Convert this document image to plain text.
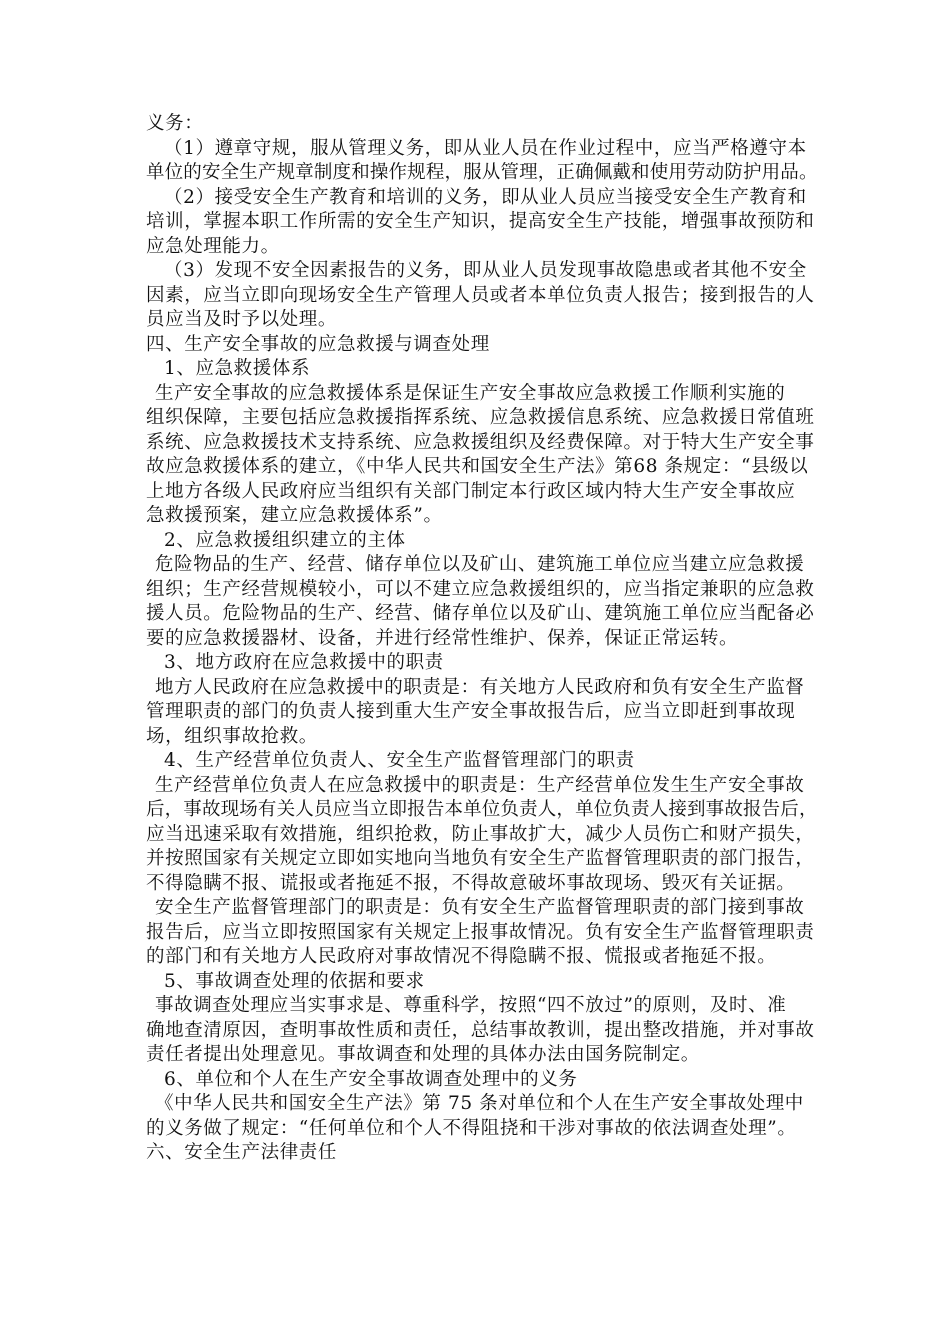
义务：
（1）遵章守规，服从管理义务，即从业人员在作业过程中，应当严格遵守本
单位的安全生产规章制度和操作规程，服从管理，正确佩戴和使用劳动防护用品。
（2）接受安全生产教育和培训的义务，即从业人员应当接受安全生产教育和
培训，掌握本职工作所需的安全生产知识，提高安全生产技能，增强事故预防和
应急处理能力。
（3）发现不安全因素报告的义务，即从业人员发现事故隐患或者其他不安全
因素，应当立即向现场安全生产管理人员或者本单位负责人报告；接到报告的人
员应当及时予以处理。
四、生产安全事故的应急救援与调查处理
1、应急救援体系
生产安全事故的应急救援体系是保证生产安全事故应急救援工作顺利实施的
组织保障，主要包括应急救援指挥系统、应急救援信息系统、应急救援日常值班
系统、应急救援技术支持系统、应急救援组织及经费保障。对于特大生产安全事
故应急救援体系的建立，《中华人民共和国安全生产法》第68 条规定：“县级以
上地方各级人民政府应当组织有关部门制定本行政区域内特大生产安全事故应
急救援预案，建立应急救援体系”。
2、应急救援组织建立的主体
危险物品的生产、经营、储存单位以及矿山、建筑施工单位应当建立应急救援
组织；生产经营规模较小，可以不建立应急救援组织的，应当指定兼职的应急救
援人员。危险物品的生产、经营、储存单位以及矿山、建筑施工单位应当配备必
要的应急救援器材、设备，并进行经常性维护、保养，保证正常运转。
3、地方政府在应急救援中的职责
地方人民政府在应急救援中的职责是：有关地方人民政府和负有安全生产监督
管理职责的部门的负责人接到重大生产安全事故报告后，应当立即赶到事故现
场，组织事故抢救。
4、生产经营单位负责人、安全生产监督管理部门的职责
生产经营单位负责人在应急救援中的职责是：生产经营单位发生生产安全事故
后，事故现场有关人员应当立即报告本单位负责人，单位负责人接到事故报告后，
应当迅速采取有效措施，组织抢救，防止事故扩大，减少人员伤亡和财产损失，
并按照国家有关规定立即如实地向当地负有安全生产监督管理职责的部门报告，
不得隐瞒不报、谎报或者拖延不报，不得故意破坏事故现场、毁灭有关证据。
安全生产监督管理部门的职责是：负有安全生产监督管理职责的部门接到事故
报告后，应当立即按照国家有关规定上报事故情况。负有安全生产监督管理职责
的部门和有关地方人民政府对事故情况不得隐瞒不报、慌报或者拖延不报。
5、事故调查处理的依据和要求
事故调查处理应当实事求是、尊重科学，按照“四不放过”的原则，及时、准
确地查清原因，查明事故性质和责任，总结事故教训，提出整改措施，并对事故
责任者提出处理意见。事故调查和处理的具体办法由国务院制定。
6、单位和个人在生产安全事故调查处理中的义务
《中华人民共和国安全生产法》第 75 条对单位和个人在生产安全事故处理中
的义务做了规定：“任何单位和个人不得阻挠和干涉对事故的依法调查处理”。
六、安全生产法律责任
